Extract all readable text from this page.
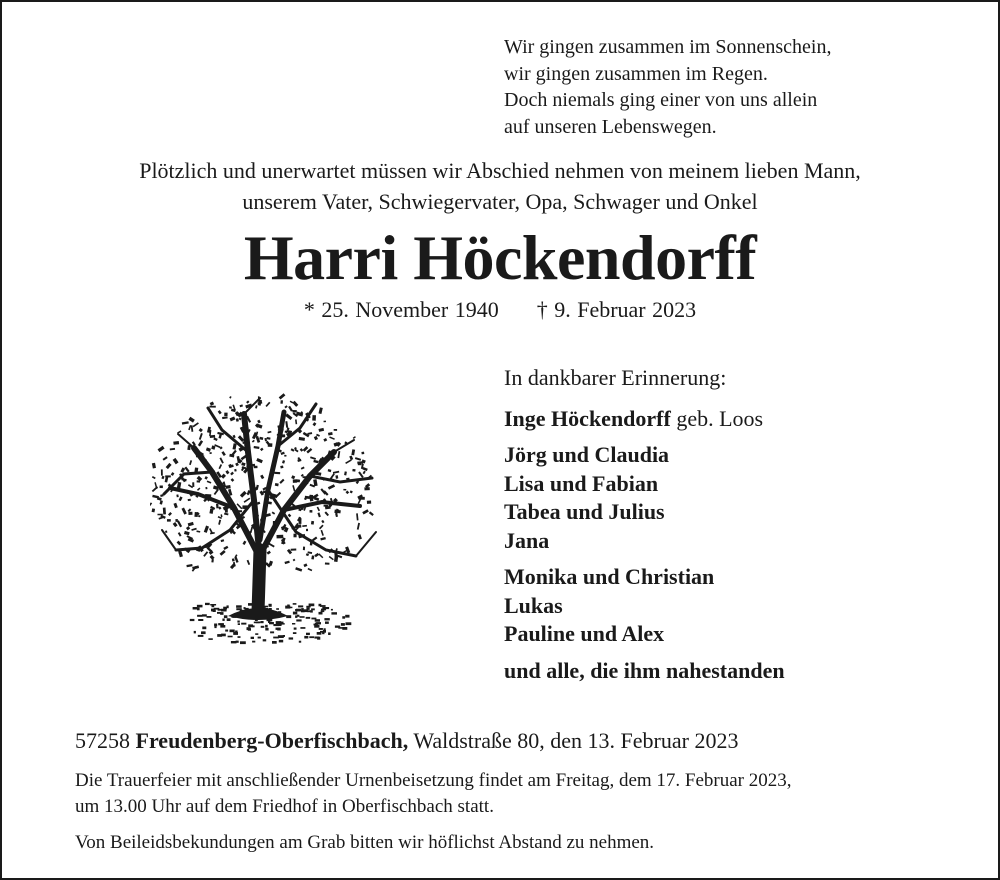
Wir gingen zusammen im Sonnenschein,
wir gingen zusammen im Regen.
Doch niemals ging einer von uns allein
auf unseren Lebenswegen.
Plötzlich und unerwartet müssen wir Abschied nehmen von meinem lieben Mann,
unserem Vater, Schwiegervater, Opa, Schwager und Onkel
Harri Höckendorff
* 25. November 1940 † 9. Februar 2023
In dankbarer Erinnerung:
Inge Höckendorff geb. Loos
Jörg und Claudia
Lisa und Fabian
Tabea und Julius
Jana
Monika und Christian
Lukas
Pauline und Alex
und alle, die ihm nahestanden
57258 Freudenberg-Oberfischbach, Waldstraße 80, den 13. Februar 2023
Die Trauerfeier mit anschließender Urnenbeisetzung findet am Freitag, dem 17. Februar 2023,
um 13.00 Uhr auf dem Friedhof in Oberfischbach statt.
Von Beileidsbekundungen am Grab bitten wir höflichst Abstand zu nehmen.
